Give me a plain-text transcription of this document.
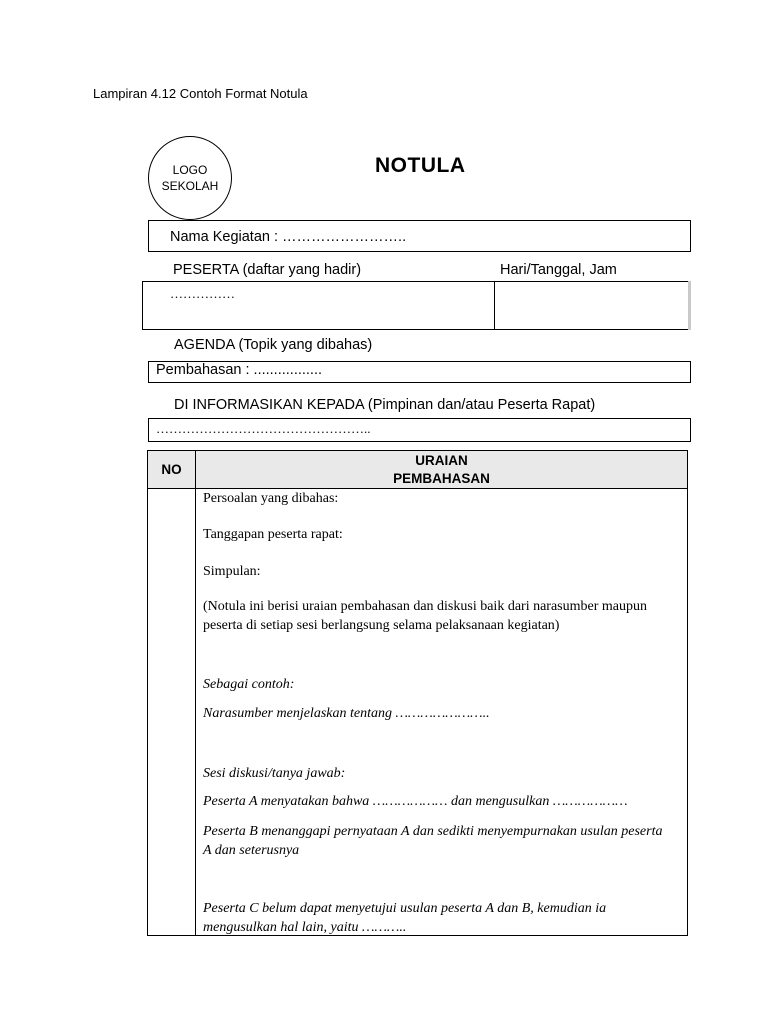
Lampiran 4.12 Contoh Format Notula
LOGO
SEKOLAH
NOTULA
Nama Kegiatan : ……………………..
PESERTA (daftar yang hadir)	Hari/Tanggal, Jam
……………
AGENDA (Topik yang dibahas)
Pembahasan : .................
DI INFORMASIKAN KEPADA (Pimpinan dan/atau Peserta Rapat)
…………………………………………..
NO
URAIAN
PEMBAHASAN
Persoalan yang dibahas:
Tanggapan peserta rapat:
Simpulan:
(Notula ini berisi uraian pembahasan dan diskusi baik dari narasumber maupun peserta di setiap sesi berlangsung selama pelaksanaan kegiatan)
Sebagai contoh:
Narasumber menjelaskan tentang …………………..
Sesi diskusi/tanya jawab:
Peserta A menyatakan bahwa ……………… dan mengusulkan ………………
Peserta B menanggapi pernyataan A dan sedikti menyempurnakan usulan peserta A dan seterusnya
Peserta C belum dapat menyetujui usulan peserta A dan B, kemudian ia mengusulkan hal lain, yaitu ………..
